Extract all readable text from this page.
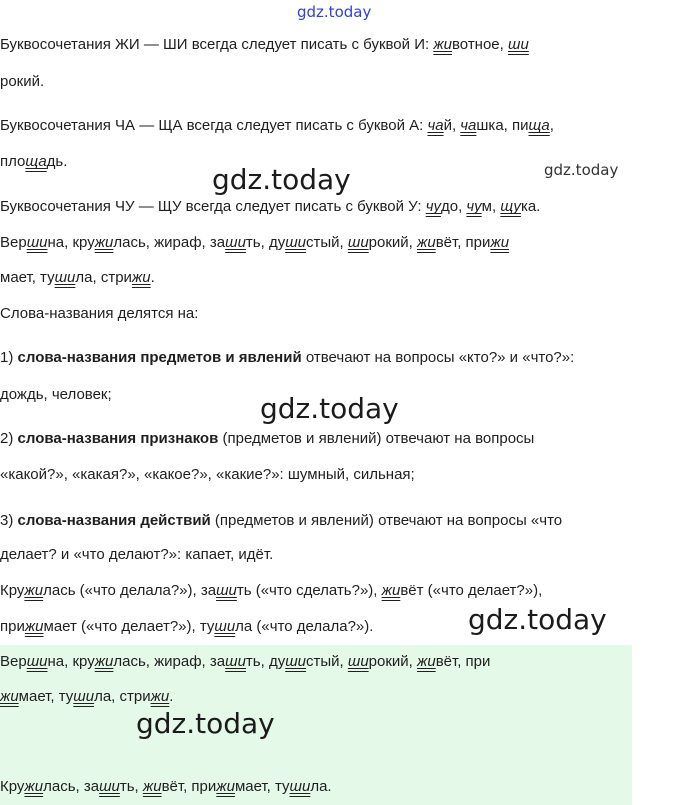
Буквосочетания ЖИ — ШИ всегда следует писать с буквой И: животное, ши
рокий.
Буквосочетания ЧА — ЩА всегда следует писать с буквой А: чай, чашка, пища,
площадь.
Буквосочетания ЧУ — ЩУ всегда следует писать с буквой У: чудо, чум, щука.
Вершина, кружилась, жираф, зашить, душистый, широкий, живёт, прижи
мает, тушила, стрижи.
Слова-названия делятся на:
1) слова-названия предметов и явлений отвечают на вопросы «кто?» и «что?»:
дождь, человек;
2) слова-названия признаков (предметов и явлений) отвечают на вопросы
«какой?», «какая?», «какое?», «какие?»: шумный, сильная;
3) слова-названия действий (предметов и явлений) отвечают на вопросы «что
делает? и «что делают?»: капает, идёт.
Кружилась («что делала?»), зашить («что сделать?»), живёт («что делает?»),
прижимает («что делает?»), тушила («что делала?»).
Вершина, кружилась, жираф, зашить, душистый, широкий, живёт, при
жимает, тушила, стрижи.
Кружилась, зашить, живёт, прижимает, тушила.
gdz.today
gdz.today
gdz.today
gdz.today
gdz.today
gdz.today
